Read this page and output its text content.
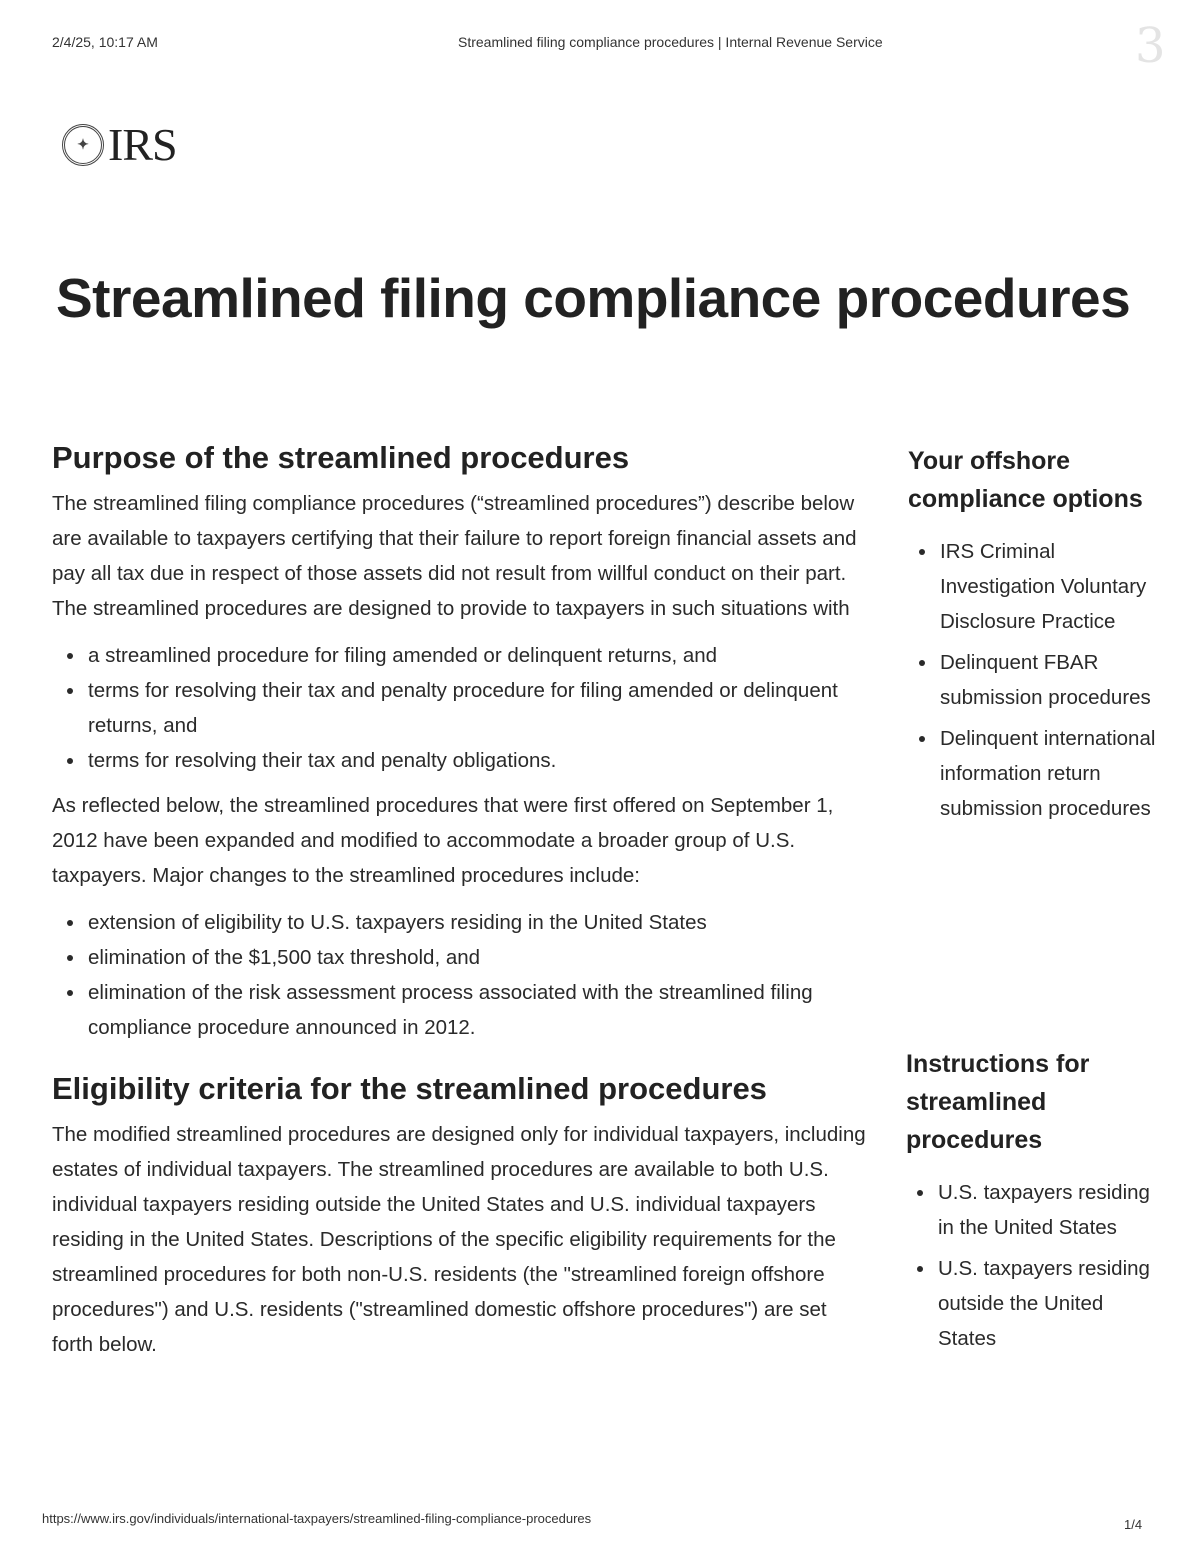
2/4/25, 10:17 AM	Streamlined filing compliance procedures | Internal Revenue Service	3
✦ IRS
Streamlined filing compliance procedures
Purpose of the streamlined procedures

The streamlined filing compliance procedures (“streamlined procedures”) describe below are available to taxpayers certifying that their failure to report foreign financial assets and pay all tax due in respect of those assets did not result from willful conduct on their part. The streamlined procedures are designed to provide to taxpayers in such situations with

• a streamlined procedure for filing amended or delinquent returns, and
• terms for resolving their tax and penalty procedure for filing amended or delinquent returns, and
• terms for resolving their tax and penalty obligations.

As reflected below, the streamlined procedures that were first offered on September 1, 2012 have been expanded and modified to accommodate a broader group of U.S. taxpayers. Major changes to the streamlined procedures include:

• extension of eligibility to U.S. taxpayers residing in the United States
• elimination of the $1,500 tax threshold, and
• elimination of the risk assessment process associated with the streamlined filing compliance procedure announced in 2012.
Eligibility criteria for the streamlined procedures

The modified streamlined procedures are designed only for individual taxpayers, including estates of individual taxpayers. The streamlined procedures are available to both U.S. individual taxpayers residing outside the United States and U.S. individual taxpayers residing in the United States. Descriptions of the specific eligibility requirements for the streamlined procedures for both non-U.S. residents (the "streamlined foreign offshore procedures") and U.S. residents ("streamlined domestic offshore procedures") are set forth below.

Your offshore compliance options
• IRS Criminal Investigation Voluntary Disclosure Practice
• Delinquent FBAR submission procedures
• Delinquent international information return submission procedures
Instructions for streamlined procedures
• U.S. taxpayers residing in the United States
• U.S. taxpayers residing outside the United States
https://www.irs.gov/individuals/international-taxpayers/streamlined-filing-compliance-procedures	1/4
